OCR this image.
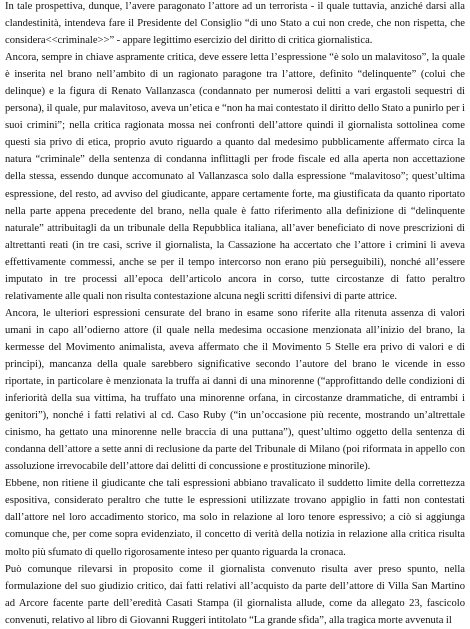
In tale prospettiva, dunque, l’avere paragonato l’attore ad un terrorista - il quale tuttavia, anziché darsi alla clandestinità, intendeva fare il Presidente del Consiglio “di uno Stato a cui non crede, che non rispetta, che considera<<criminale>>” - appare legittimo esercizio del diritto di critica giornalistica.

Ancora, sempre in chiave aspramente critica, deve essere letta l’espressione “è solo un malavitoso”, la quale è inserita nel brano nell’ambito di un ragionato paragone tra l’attore, definito “delinquente” (colui che delinque) e la figura di Renato Vallanzasca (condannato per numerosi delitti a vari ergastoli sequestri di persona), il quale, pur malavitoso, aveva un’etica e “non ha mai contestato il diritto dello Stato a punirlo per i suoi crimini”; nella critica ragionata mossa nei confronti dell’attore quindi il giornalista sottolinea come questi sia privo di etica, proprio avuto riguardo a quanto dal medesimo pubblicamente affermato circa la natura “criminale” della sentenza di condanna inflittagli per frode fiscale ed alla aperta non accettazione della stessa, essendo dunque accomunato al Vallanzasca solo dalla espressione “malavitoso”; quest’ultima espressione, del resto, ad avviso del giudicante, appare certamente forte, ma giustificata da quanto riportato nella parte appena precedente del brano, nella quale è fatto riferimento alla definizione di “delinquente naturale” attribuitagli da un tribunale della Repubblica italiana, all’aver beneficiato di nove prescrizioni di altrettanti reati (in tre casi, scrive il giornalista, la Cassazione ha accertato che l’attore i crimini li aveva effettivamente commessi, anche se per il tempo intercorso non erano più perseguibili), nonché all’essere imputato in tre processi all’epoca dell’articolo ancora in corso, tutte circostanze di fatto peraltro relativamente alle quali non risulta contestazione alcuna negli scritti difensivi di parte attrice.

Ancora, le ulteriori espressioni censurate del brano in esame sono riferite alla ritenuta assenza di valori umani in capo all’odierno attore (il quale nella medesima occasione menzionata all’inizio del brano, la kermesse del Movimento animalista, aveva affermato che il Movimento 5 Stelle era privo di valori e di principi), mancanza della quale sarebbero significative secondo l’autore del brano le vicende in esso riportate, in particolare è menzionata la truffa ai danni di una minorenne (“approfittando delle condizioni di inferiorità della sua vittima, ha truffato una minorenne orfana, in circostanze drammatiche, di entrambi i genitori”), nonché i fatti relativi al cd. Caso Ruby (“in un’occasione più recente, mostrando un’altrettale cinismo, ha gettato una minorenne nelle braccia di una puttana”), quest’ultimo oggetto della sentenza di condanna dell’attore a sette anni di reclusione da parte del Tribunale di Milano (poi riformata in appello con assoluzione irrevocabile dell’attore dai delitti di concussione e prostituzione minorile).

Ebbene, non ritiene il giudicante che tali espressioni abbiano travalicato il suddetto limite della correttezza espositiva, considerato peraltro che tutte le espressioni utilizzate trovano appiglio in fatti non contestati dall’attore nel loro accadimento storico, ma solo in relazione al loro tenore espressivo; a ciò si aggiunga comunque che, per come sopra evidenziato, il concetto di verità della notizia in relazione alla critica risulta molto più sfumato di quello rigorosamente inteso per quanto riguarda la cronaca.

Può comunque rilevarsi in proposito come il giornalista convenuto risulta aver preso spunto, nella formulazione del suo giudizio critico, dai fatti relativi all’acquisto da parte dell’attore di Villa San Martino ad Arcore facente parte dell’eredità Casati Stampa (il giornalista allude, come da allegato 23, fascicolo convenuti, relativo al libro di Giovanni Ruggeri intitolato “La grande sfida”, alla tragica morte avvenuta il
